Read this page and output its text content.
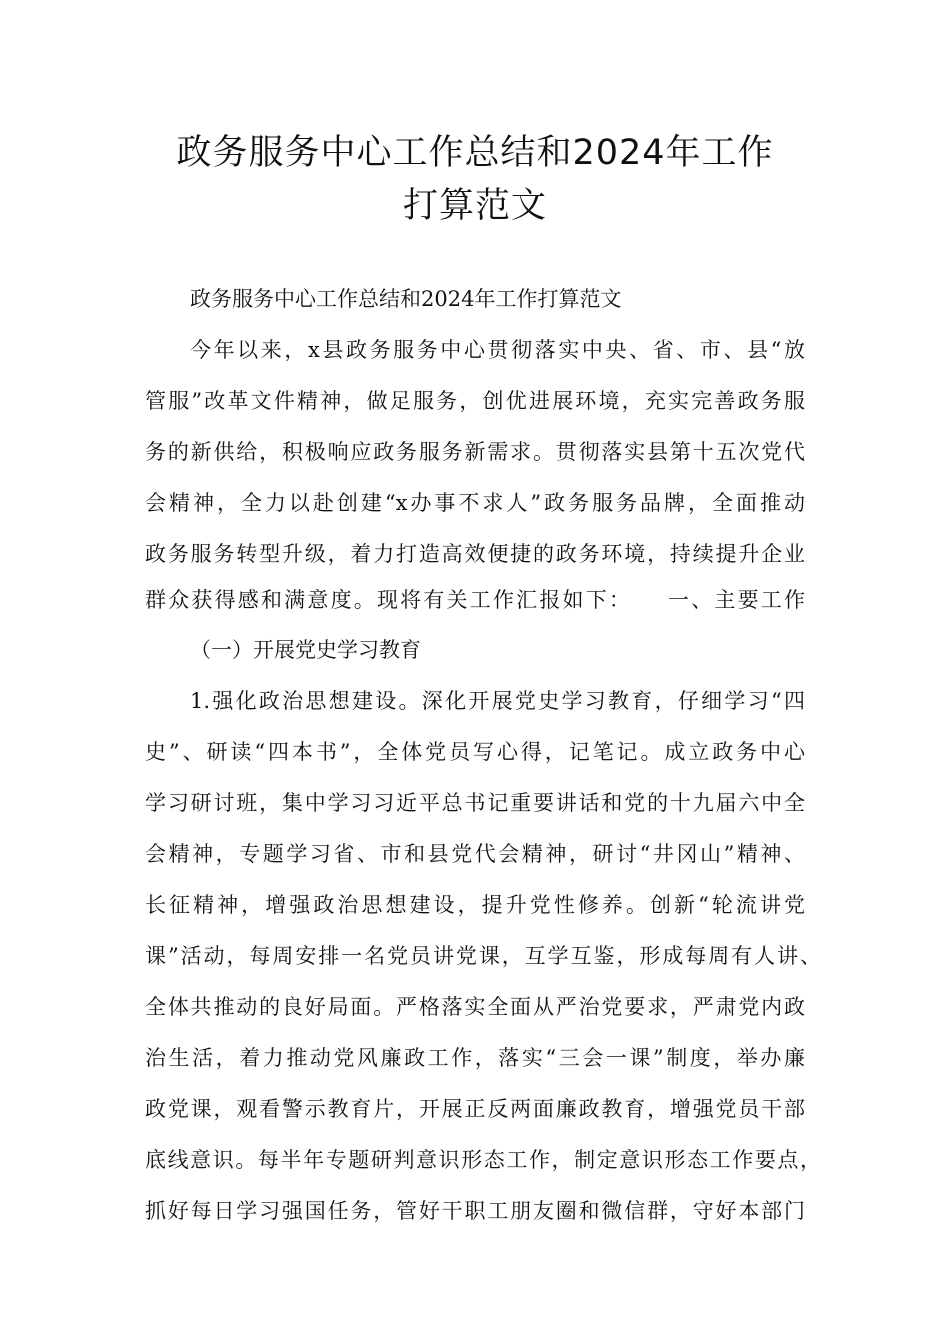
政务服务中心工作总结和2024年工作
打算范文

政务服务中心工作总结和2024年工作打算范文

今年以来，x县政务服务中心贯彻落实中央、省、市、县“放

管服”改革文件精神，做足服务，创优进展环境，充实完善政务服

务的新供给，积极响应政务服务新需求。贯彻落实县第十五次党代

会精神，全力以赴创建“x办事不求人”政务服务品牌，全面推动

政务服务转型升级，着力打造高效便捷的政务环境，持续提升企业

群众获得感和满意度。现将有关工作汇报如下：　　一、主要工作

（一）开展党史学习教育

1.强化政治思想建设。深化开展党史学习教育，仔细学习“四

史”、研读“四本书”，全体党员写心得，记笔记。成立政务中心

学习研讨班，集中学习习近平总书记重要讲话和党的十九届六中全

会精神，专题学习省、市和县党代会精神，研讨“井冈山”精神、

长征精神，增强政治思想建设，提升党性修养。创新“轮流讲党

课”活动，每周安排一名党员讲党课，互学互鉴，形成每周有人讲、

全体共推动的良好局面。严格落实全面从严治党要求，严肃党内政

治生活，着力推动党风廉政工作，落实“三会一课”制度，举办廉

政党课，观看警示教育片，开展正反两面廉政教育，增强党员干部

底线意识。每半年专题研判意识形态工作，制定意识形态工作要点，

抓好每日学习强国任务，管好干职工朋友圈和微信群，守好本部门
